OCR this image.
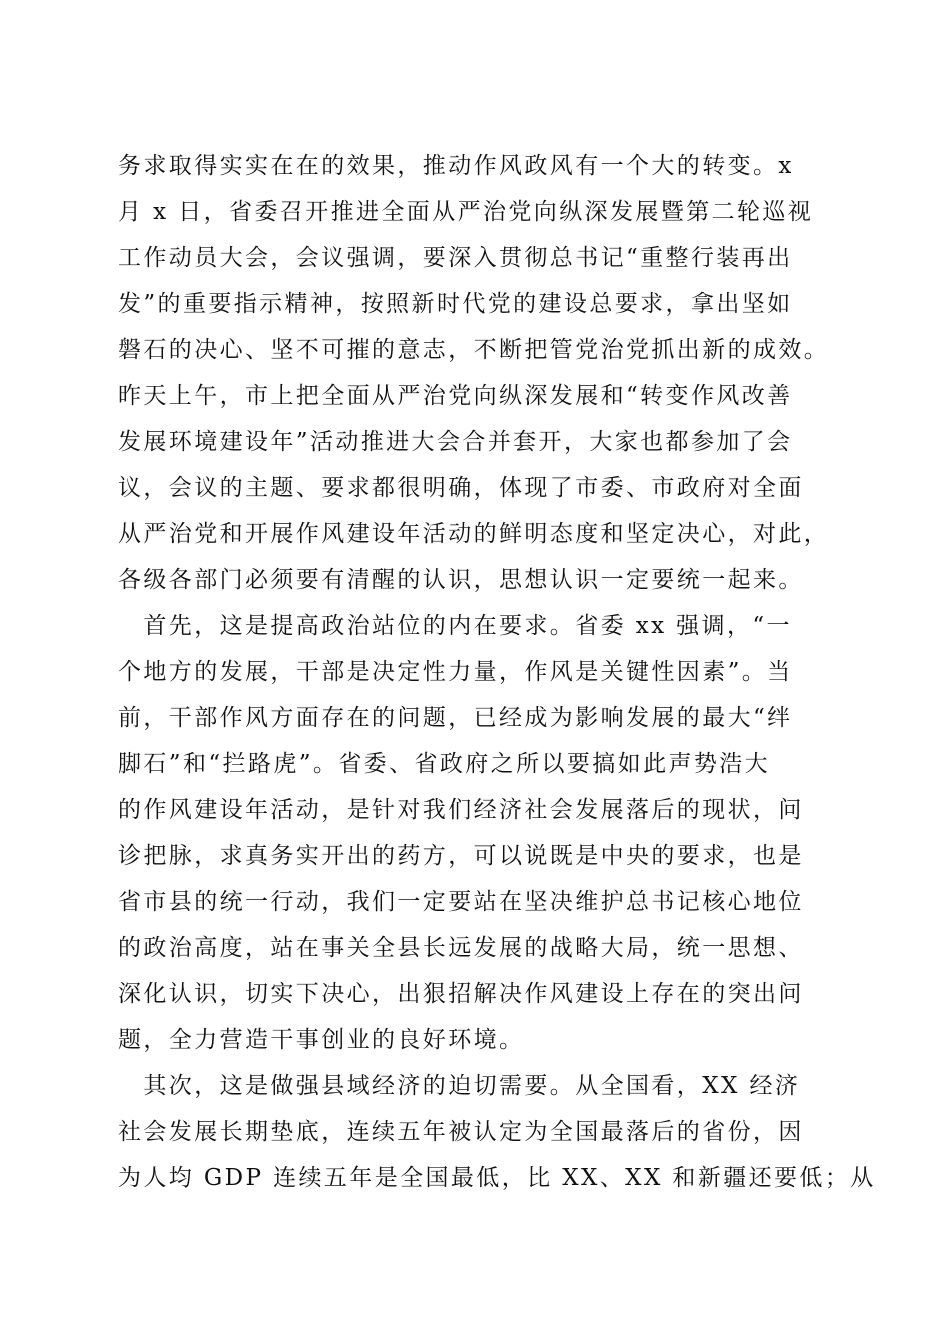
务求取得实实在在的效果，推动作风政风有一个大的转变。x
月 x 日，省委召开推进全面从严治党向纵深发展暨第二轮巡视
工作动员大会，会议强调，要深入贯彻总书记“重整行装再出
发”的重要指示精神，按照新时代党的建设总要求，拿出坚如
磐石的决心、坚不可摧的意志，不断把管党治党抓出新的成效。
昨天上午，市上把全面从严治党向纵深发展和“转变作风改善
发展环境建设年”活动推进大会合并套开，大家也都参加了会
议，会议的主题、要求都很明确，体现了市委、市政府对全面
从严治党和开展作风建设年活动的鲜明态度和坚定决心，对此，
各级各部门必须要有清醒的认识，思想认识一定要统一起来。
　首先，这是提高政治站位的内在要求。省委 xx 强调，“一
个地方的发展，干部是决定性力量，作风是关键性因素”。当
前，干部作风方面存在的问题，已经成为影响发展的最大“绊
脚石”和“拦路虎”。省委、省政府之所以要搞如此声势浩大
的作风建设年活动，是针对我们经济社会发展落后的现状，问
诊把脉，求真务实开出的药方，可以说既是中央的要求，也是
省市县的统一行动，我们一定要站在坚决维护总书记核心地位
的政治高度，站在事关全县长远发展的战略大局，统一思想、
深化认识，切实下决心，出狠招解决作风建设上存在的突出问
题，全力营造干事创业的良好环境。
　其次，这是做强县域经济的迫切需要。从全国看，XX 经济
社会发展长期垫底，连续五年被认定为全国最落后的省份，因
为人均 GDP 连续五年是全国最低，比 XX、XX 和新疆还要低；从
